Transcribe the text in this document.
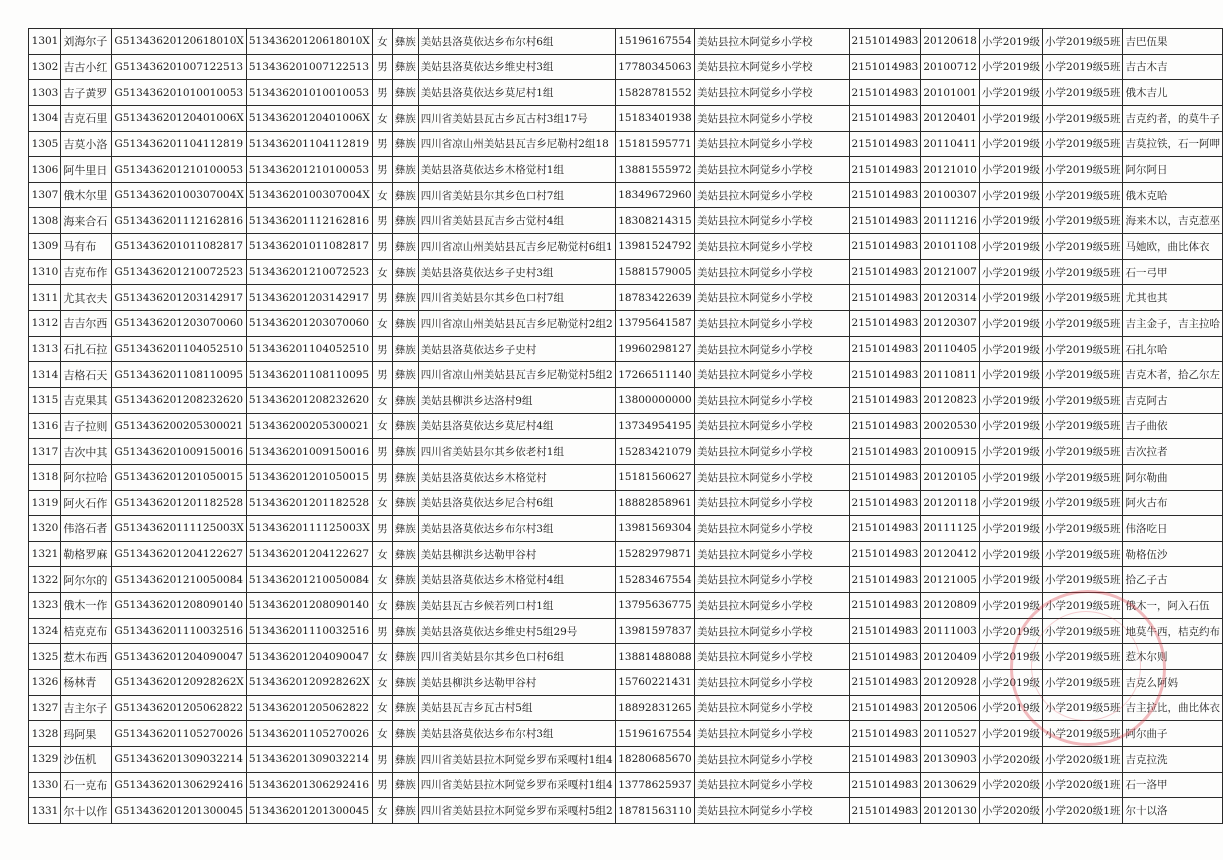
1301	刘海尔子	G51343620120618010X	51343620120618010X	女	彝族	美姑县洛莫依达乡布尔村6组	15196167554	美姑县拉木阿觉乡小学校	2151014983	20120618	小学2019级	小学2019级5班	吉巴伍果
1302	吉古小红	G51343620100712251​3	513436201007122513	男	彝族	美姑县洛莫依达乡维史村3组	17780345063	美姑县拉木阿觉乡小学校	2151014983	20100712	小学2019级	小学2019级5班	吉古木吉
1303	吉子黄罗	G513436201010010053	513436201010010053	男	彝族	美姑县洛莫依达乡莫尼村1组	15828781552	美姑县拉木阿觉乡小学校	2151014983	20101001	小学2019级	小学2019级5班	俄木吉儿
1304	吉克石里	G51343620120401006X	51343620120401006X	女	彝族	四川省美姑县瓦古乡瓦古村3组17号	15183401938	美姑县拉木阿觉乡小学校	2151014983	20120401	小学2019级	小学2019级5班	吉克约者，的莫牛子
1305	吉莫小洛	G513436201104112819	513436201104112819	男	彝族	四川省凉山州美姑县瓦吉乡尼勒村2组18	15181595771	美姑县拉木阿觉乡小学校	2151014983	20110411	小学2019级	小学2019级5班	吉莫拉铁，石一阿呷
1306	阿牛里日	G513436201210100053	513436201210100053	男	彝族	美姑县洛莫依达乡木格觉村1组	13881555972	美姑县拉木阿觉乡小学校	2151014983	20121010	小学2019级	小学2019级5班	阿尔阿日
1307	俄木尔里	G51343620100307004X	51343620100307004X	女	彝族	四川省美姑县尔其乡色口村7组	18349672960	美姑县拉木阿觉乡小学校	2151014983	20100307	小学2019级	小学2019级5班	俄木克哈
1308	海来合石	G513436201112162816	513436201112162816	男	彝族	四川省美姑县瓦吉乡古觉村4组	18308214315	美姑县拉木阿觉乡小学校	2151014983	20111216	小学2019级	小学2019级5班	海来木以，吉克惹巫
1309	马有布	G513436201011082817	513436201011082817	男	彝族	四川省凉山州美姑县瓦吉乡尼勒觉村6组1	13981524792	美姑县拉木阿觉乡小学校	2151014983	20101108	小学2019级	小学2019级5班	马她欧，曲比体衣
1310	吉克布作	G513436201210072523	513436201210072523	女	彝族	美姑县洛莫依达乡子史村3组	15881579005	美姑县拉木阿觉乡小学校	2151014983	20121007	小学2019级	小学2019级5班	石一弓甲
1311	尤其衣夫	G513436201203142917	513436201203142917	男	彝族	四川省美姑县尔其乡色口村7组	18783422639	美姑县拉木阿觉乡小学校	2151014983	20120314	小学2019级	小学2019级5班	尤其也其
1312	吉吉尔西	G513436201203070060	513436201203070060	女	彝族	四川省凉山州美姑县瓦吉乡尼勒觉村2组2	13795641587	美姑县拉木阿觉乡小学校	2151014983	20120307	小学2019级	小学2019级5班	吉主金子，吉主拉哈
1313	石扎石拉	G513436201104052510	513436201104052510	男	彝族	美姑县洛莫依达乡子史村	19960298127	美姑县拉木阿觉乡小学校	2151014983	20110405	小学2019级	小学2019级5班	石扎尔哈
1314	吉格石天	G513436201108110095	513436201108110095	男	彝族	四川省凉山州美姑县瓦吉乡尼勒觉村5组2	17266511140	美姑县拉木阿觉乡小学校	2151014983	20110811	小学2019级	小学2019级5班	吉克木者，拾乙尔左
1315	吉克果其	G513436201208232620	513436201208232620	女	彝族	美姑县柳洪乡达洛村9组	13800000000	美姑县拉木阿觉乡小学校	2151014983	20120823	小学2019级	小学2019级5班	吉克阿古
1316	吉子拉则	G513436200205300021	513436200205300021	女	彝族	美姑县洛莫依达乡莫尼村4组	13734954195	美姑县拉木阿觉乡小学校	2151014983	20020530	小学2019级	小学2019级5班	吉子曲依
1317	吉次中其	G513436201009150016	513436201009150016	男	彝族	四川省美姑县尔其乡依老村1组	15283421079	美姑县拉木阿觉乡小学校	2151014983	20100915	小学2019级	小学2019级5班	吉次拉者
1318	阿尔拉哈	G513436201201050015	513436201201050015	男	彝族	美姑县洛莫依达乡木格觉村	15181560627	美姑县拉木阿觉乡小学校	2151014983	20120105	小学2019级	小学2019级5班	阿尔勒曲
1319	阿火石作	G513436201201182528	513436201201182528	女	彝族	美姑县洛莫依达乡尼合村6组	18882858961	美姑县拉木阿觉乡小学校	2151014983	20120118	小学2019级	小学2019级5班	阿火古布
1320	伟洛石者	G51343620111125003X	51343620111125003X	男	彝族	美姑县洛莫依达乡布尔村3组	13981569304	美姑县拉木阿觉乡小学校	2151014983	20111125	小学2019级	小学2019级5班	伟洛吃日
1321	勒格罗麻	G513436201204122627	513436201204122627	女	彝族	美姑县柳洪乡达勒甲谷村	15282979871	美姑县拉木阿觉乡小学校	2151014983	20120412	小学2019级	小学2019级5班	勒格伍沙
1322	阿尔尔的	G513436201210050084	513436201210050084	女	彝族	美姑县洛莫依达乡木格觉村4组	15283467554	美姑县拉木阿觉乡小学校	2151014983	20121005	小学2019级	小学2019级5班	拾乙子古
1323	俄木一作	G513436201208090140	513436201208090140	女	彝族	美姑县瓦古乡候若列口村1组	13795636775	美姑县拉木阿觉乡小学校	2151014983	20120809	小学2019级	小学2019级5班	俄木一，阿入石伍
1324	桔克克布	G513436201110032516	513436201110032516	男	彝族	美姑县洛莫依达乡维史村5组29号	13981597837	美姑县拉木阿觉乡小学校	2151014983	20111003	小学2019级	小学2019级5班	地莫牛西，桔克约布
1325	惹木布西	G513436201204090047	513436201204090047	女	彝族	四川省美姑县尔其乡色口村6组	13881488088	美姑县拉木阿觉乡小学校	2151014983	20120409	小学2019级	小学2019级5班	惹木尔则
1326	杨林青	G51343620120928262X	51343620120928262X	女	彝族	美姑县柳洪乡达勒甲谷村	15760221431	美姑县拉木阿觉乡小学校	2151014983	20120928	小学2019级	小学2019级5班	吉克么阿妈
1327	吉主尔子	G513436201205062822	513436201205062822	女	彝族	美姑县瓦吉乡瓦古村5组	18892831265	美姑县拉木阿觉乡小学校	2151014983	20120506	小学2019级	小学2019级5班	吉主拉比，曲比体衣
1328	玛阿果	G513436201105270026	513436201105270026	女	彝族	美姑县洛莫依达乡布尔村3组	15196167554	美姑县拉木阿觉乡小学校	2151014983	20110527	小学2019级	小学2019级5班	阿尔曲子
1329	沙伍机	G513436201309032214	513436201309032214	男	彝族	四川省美姑县拉木阿觉乡罗布采嘎村1组4	18280685670	美姑县拉木阿觉乡小学校	2151014983	20130903	小学2020级	小学2020级1班	吉克拉洗
1330	石一克布	G513436201306292416	513436201306292416	男	彝族	四川省美姑县拉木阿觉乡罗布采嘎村1组4	13778625937	美姑县拉木阿觉乡小学校	2151014983	20130629	小学2020级	小学2020级1班	石一洛甲
1331	尔十以作	G513436201201300045	513436201201300045	女	彝族	四川省美姑县拉木阿觉乡罗布采嘎村5组2	18781563110	美姑县拉木阿觉乡小学校	2151014983	20120130	小学2020级	小学2020级1班	尔十以洛
